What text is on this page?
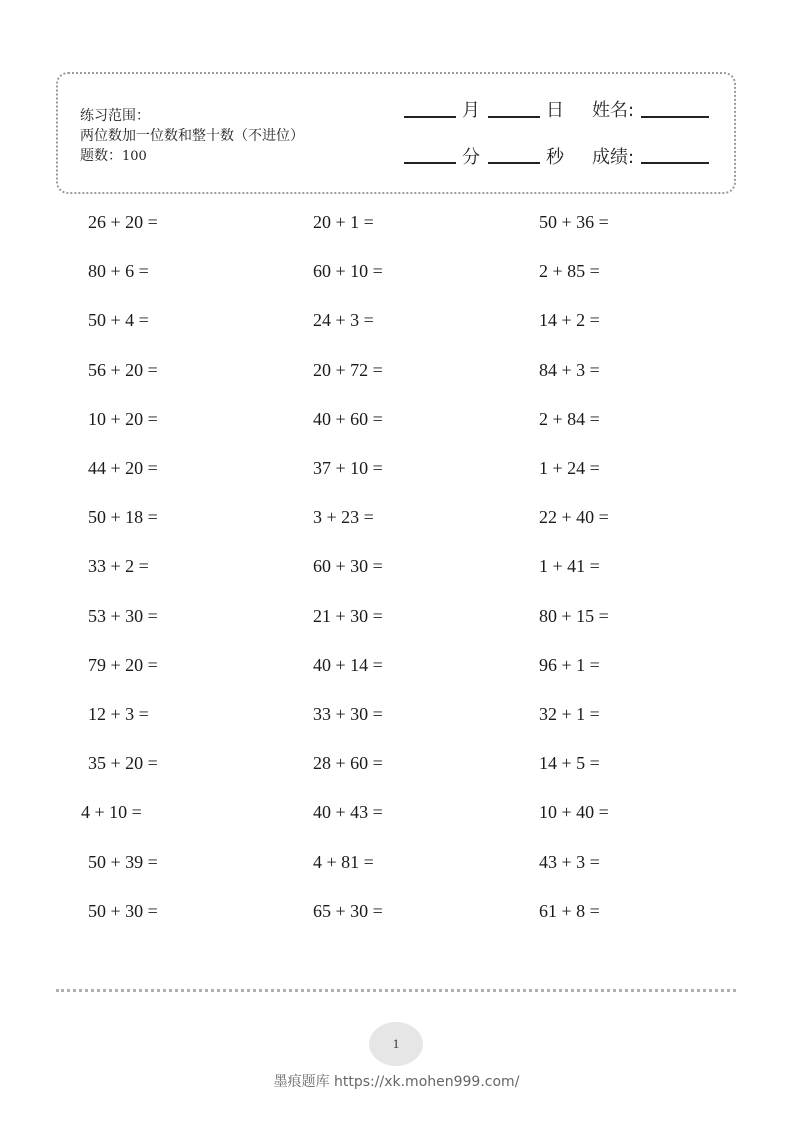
练习范围：
两位数加一位数和整十数（不进位）
题数：100
月	日 姓名:
分	秒 成绩:
26 + 20 =
80 + 6 =
50 + 4 =
56 + 20 =
10 + 20 =
44 + 20 =
50 + 18 =
33 + 2 =
53 + 30 =
79 + 20 =
12 + 3 =
35 + 20 =
4 + 10 =
50 + 39 =
50 + 30 =
20 + 1 =
60 + 10 =
24 + 3 =
20 + 72 =
40 + 60 =
37 + 10 =
3 + 23 =
60 + 30 =
21 + 30 =
40 + 14 =
33 + 30 =
28 + 60 =
40 + 43 =
4 + 81 =
65 + 30 =
50 + 36 =
2 + 85 =
14 + 2 =
84 + 3 =
2 + 84 =
1 + 24 =
22 + 40 =
1 + 41 =
80 + 15 =
96 + 1 =
32 + 1 =
14 + 5 =
10 + 40 =
43 + 3 =
61 + 8 =
1
墨痕题库 https://xk.mohen999.com/
